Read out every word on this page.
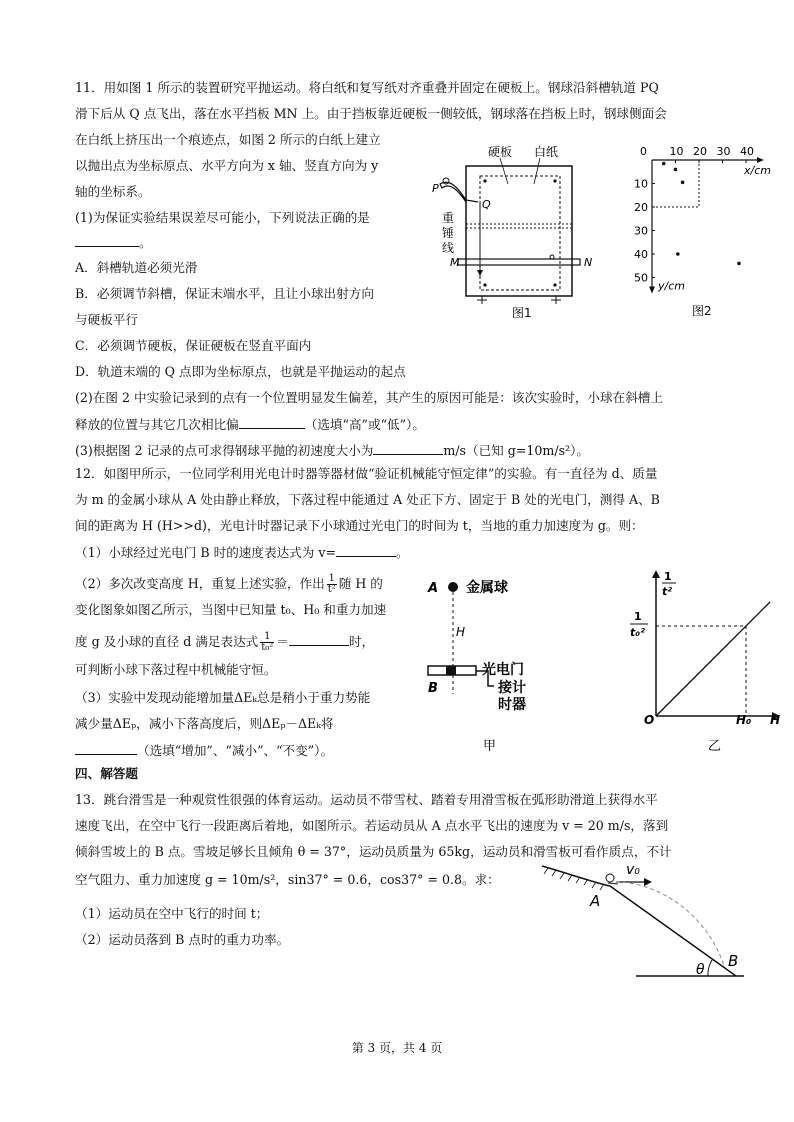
11．用如图 1 所示的装置研究平抛运动。将白纸和复写纸对齐重叠并固定在硬板上。钢球沿斜槽轨道 PQ
滑下后从 Q 点飞出，落在水平挡板 MN 上。由于挡板靠近硬板一侧较低，钢球落在挡板上时，钢球侧面会
在白纸上挤压出一个痕迹点，如图 2 所示的白纸上建立
以抛出点为坐标原点、水平方向为 x 轴、竖直方向为 y
轴的坐标系。
(1)为保证实验结果误差尽可能小，下列说法正确的是
。
A．斜槽轨道必须光滑
B．必须调节斜槽，保证末端水平，且让小球出射方向
与硬板平行
C．必须调节硬板，保证硬板在竖直平面内
D．轨道末端的 Q 点即为坐标原点，也就是平抛运动的起点
(2)在图 2 中实验记录到的点有一个位置明显发生偏差，其产生的原因可能是：该次实验时，小球在斜槽上
释放的位置与其它几次相比偏	（选填“高”或“低”）。
(3)根据图 2 记录的点可求得钢球平抛的初速度大小为	m/s（已知 g=10m/s²）。
硬板 白纸
P
Q
重
锤
线
M	N
图1
0 10 20 30 40
10
20
30
40
50
x/cm
y/cm
图2
12．如图甲所示，一位同学利用光电计时器等器材做“验证机械能守恒定律”的实验。有一直径为 d、质量
为 m 的金属小球从 A 处由静止释放，下落过程中能通过 A 处正下方、固定于 B 处的光电门，测得 A、B
间的距离为 H (H>>d)，光电计时器记录下小球通过光电门的时间为 t，当地的重力加速度为 g。则：
（1）小球经过光电门 B 时的速度表达式为 v=	。
（2）多次改变高度 H，重复上述实验，作出 $\frac{1}{\text{t²}}$ 随 H 的
变化图象如图乙所示，当图中已知量 t₀、H₀ 和重力加速
度 g 及小球的直径 d 满足表达式 $\frac{1}{\text{t₀²}}$ ＝	时，
可判断小球下落过程中机械能守恒。
（3）实验中发现动能增加量ΔEₖ总是稍小于重力势能
减少量ΔEₚ，减小下落高度后，则ΔEₚ－ΔEₖ将
（选填“增加”、“减小”、“不变”）。
A 金属球
H
光电门
B	接计
时器
甲
1
t²
1
t₀²
O	H₀ H
乙
四、解答题
13．跳台滑雪是一种观赏性很强的体育运动。运动员不带雪杖、踏着专用滑雪板在弧形助滑道上获得水平
速度飞出，在空中飞行一段距离后着地，如图所示。若运动员从 A 点水平飞出的速度为 v = 20 m/s，落到
倾斜雪坡上的 B 点。雪坡足够长且倾角 θ = 37°，运动员质量为 65kg，运动员和滑雪板可看作质点，不计
空气阻力、重力加速度 g = 10m/s²，sin37° = 0.6，cos37° = 0.8。求：
（1）运动员在空中飞行的时间 t；
（2）运动员落到 B 点时的重力功率。
v₀
A
B
θ
第 3 页，共 4 页
